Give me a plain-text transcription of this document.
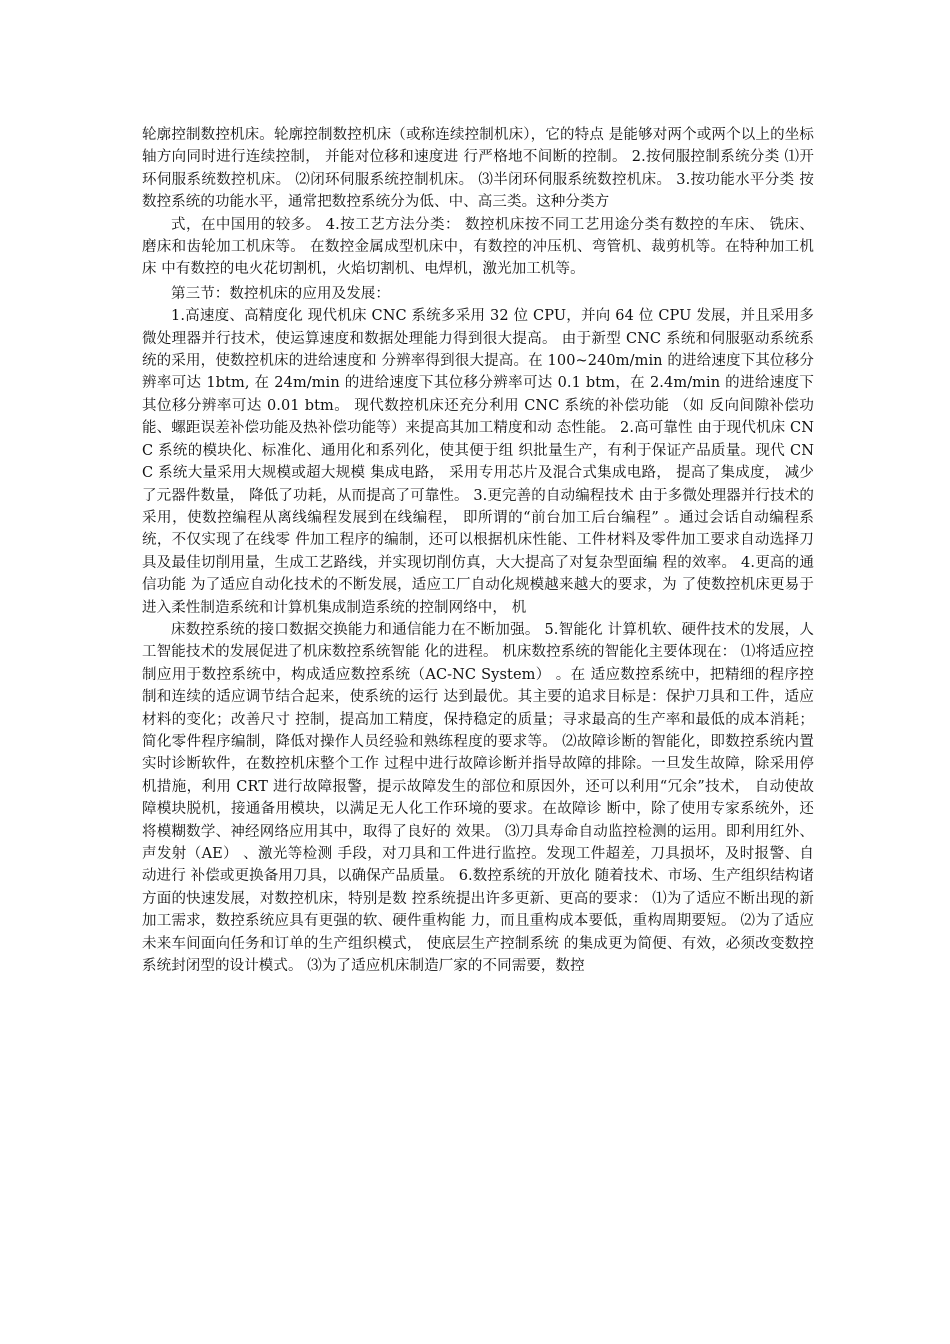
轮廓控制数控机床。轮廓控制数控机床（或称连续控制机床），它的特点 是能够对两个或两个以上的坐标轴方向同时进行连续控制， 并能对位移和速度进 行严格地不间断的控制。 2.按伺服控制系统分类 ⑴开环伺服系统数控机床。 ⑵闭环伺服系统控制机床。 ⑶半闭环伺服系统数控机床。 3.按功能水平分类 按数控系统的功能水平，通常把数控系统分为低、中、高三类。这种分类方

式，在中国用的较多。 4.按工艺方法分类： 数控机床按不同工艺用途分类有数控的车床、 铣床、 磨床和齿轮加工机床等。 在数控金属成型机床中，有数控的冲压机、弯管机、裁剪机等。在特种加工机床 中有数控的电火花切割机，火焰切割机、电焊机，激光加工机等。

第三节：数控机床的应用及发展：

1.高速度、高精度化 现代机床 CNC 系统多采用 32 位 CPU，并向 64 位 CPU 发展，并且采用多 微处理器并行技术，使运算速度和数据处理能力得到很大提高。 由于新型 CNC 系统和伺服驱动系统系统的采用，使数控机床的进给速度和 分辨率得到很大提高。在 100~240m/min 的进给速度下其位移分辨率可达 1btm, 在 24m/min 的进给速度下其位移分辨率可达 0.1 btm，在 2.4m/min 的进给速度下 其位移分辨率可达 0.01 btm。 现代数控机床还充分利用 CNC 系统的补偿功能 （如 反向间隙补偿功能、螺距误差补偿功能及热补偿功能等）来提高其加工精度和动 态性能。 2.高可靠性 由于现代机床 CNC 系统的模块化、标准化、通用化和系列化，使其便于组 织批量生产，有利于保证产品质量。现代 CNC 系统大量采用大规模或超大规模 集成电路， 采用专用芯片及混合式集成电路， 提高了集成度， 减少了元器件数量， 降低了功耗，从而提高了可靠性。 3.更完善的自动编程技术 由于多微处理器并行技术的采用，使数控编程从离线编程发展到在线编程， 即所谓的“前台加工后台编程” 。通过会话自动编程系统，不仅实现了在线零 件加工程序的编制，还可以根据机床性能、工件材料及零件加工要求自动选择刀 具及最佳切削用量，生成工艺路线，并实现切削仿真，大大提高了对复杂型面编 程的效率。 4.更高的通信功能 为了适应自动化技术的不断发展，适应工厂自动化规模越来越大的要求，为 了使数控机床更易于进入柔性制造系统和计算机集成制造系统的控制网络中， 机

床数控系统的接口数据交换能力和通信能力在不断加强。 5.智能化 计算机软、硬件技术的发展，人工智能技术的发展促进了机床数控系统智能 化的进程。 机床数控系统的智能化主要体现在： ⑴将适应控制应用于数控系统中，构成适应数控系统（AC-NC System） 。在 适应数控系统中，把精细的程序控制和连续的适应调节结合起来，使系统的运行 达到最优。其主要的追求目标是：保护刀具和工件，适应材料的变化；改善尺寸 控制，提高加工精度，保持稳定的质量；寻求最高的生产率和最低的成本消耗； 简化零件程序编制，降低对操作人员经验和熟练程度的要求等。 ⑵故障诊断的智能化，即数控系统内置实时诊断软件，在数控机床整个工作 过程中进行故障诊断并指导故障的排除。一旦发生故障，除采用停机措施，利用 CRT 进行故障报警，提示故障发生的部位和原因外，还可以利用“冗余”技术， 自动使故障模块脱机，接通备用模块，以满足无人化工作环境的要求。在故障诊 断中，除了使用专家系统外，还将模糊数学、神经网络应用其中，取得了良好的 效果。 ⑶刀具寿命自动监控检测的运用。即利用红外、声发射（AE） 、激光等检测 手段，对刀具和工件进行监控。发现工件超差，刀具损坏，及时报警、自动进行 补偿或更换备用刀具，以确保产品质量。 6.数控系统的开放化 随着技术、市场、生产组织结构诸方面的快速发展，对数控机床，特别是数 控系统提出许多更新、更高的要求： ⑴为了适应不断出现的新加工需求，数控系统应具有更强的软、硬件重构能 力，而且重构成本要低，重构周期要短。 ⑵为了适应未来车间面向任务和订单的生产组织模式， 使底层生产控制系统 的集成更为简便、有效，必须改变数控系统封闭型的设计模式。 ⑶为了适应机床制造厂家的不同需要，数控
